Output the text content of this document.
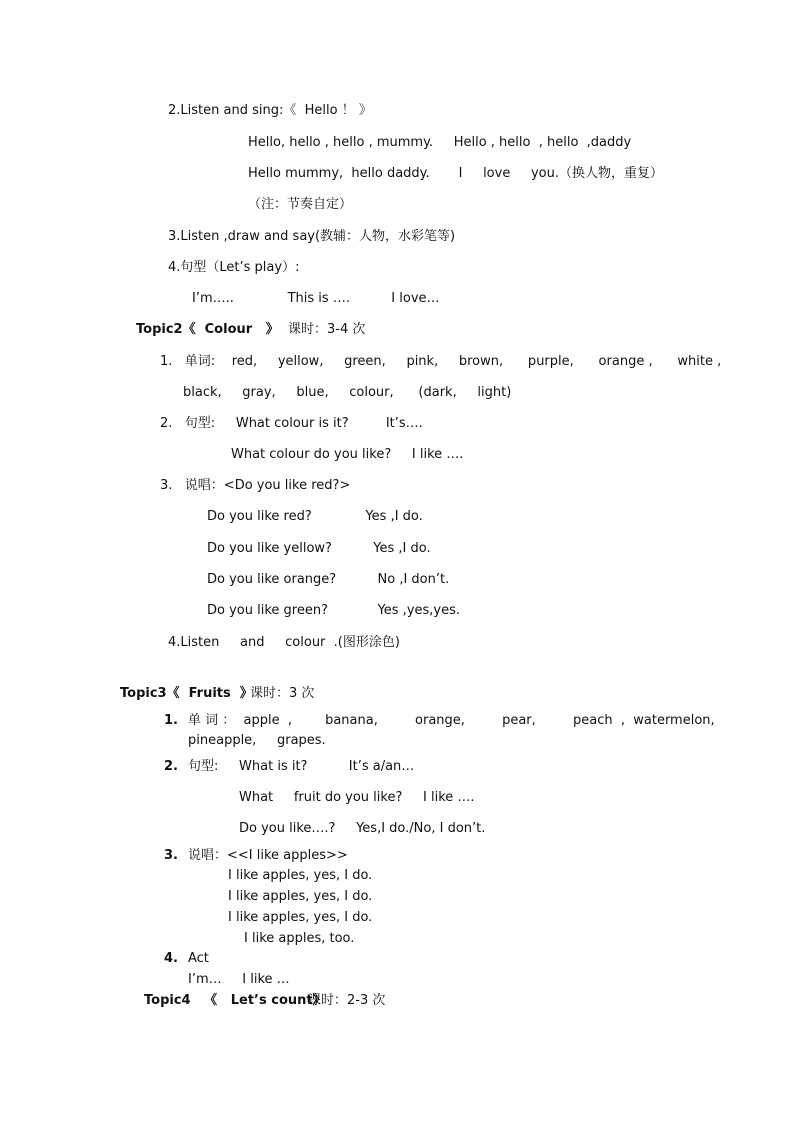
2.Listen and sing:《  Hello ！ 》
Hello, hello , hello , mummy.     Hello , hello  , hello  ,daddy
Hello mummy,  hello daddy.       I     love     you.（换人物，重复）
（注：节奏自定）
3.Listen ,draw and say(教辅：人物，水彩笔等)
4.句型（Let’s play）:
I’m…..             This is ….          I love…
Topic2《  Colour   》 课时：3-4 次
1.   单词:    red,     yellow,     green,     pink,     brown,      purple,      orange ,      white ,
black,     gray,     blue,     colour,      (dark,     light)
2.   句型:     What colour is it?         It’s….
What colour do you like?     I like ….
3.   说唱：<Do you like red?>
Do you like red?             Yes ,I do.
Do you like yellow?          Yes ,I do.
Do you like orange?          No ,I don’t.
Do you like green?            Yes ,yes,yes.
4.Listen     and     colour  .(图形涂色)
Topic3《  Fruits  》
课时：3 次
1. 单 词 ：  apple  ,        banana,         orange,         pear,         peach  ,  watermelon,
pineapple,     grapes.
2. 句型:     What is it?          It’s a/an…
What     fruit do you like?     I like ….
Do you like….?     Yes,I do./No, I don’t.
3. 说唱：<<I like apples>>
I like apples, yes, I do.
I like apples, yes, I do.
I like apples, yes, I do.
I like apples, too.
4. Act
I’m…     I like …
Topic4   《   Let’s count》
课时：2-3 次
